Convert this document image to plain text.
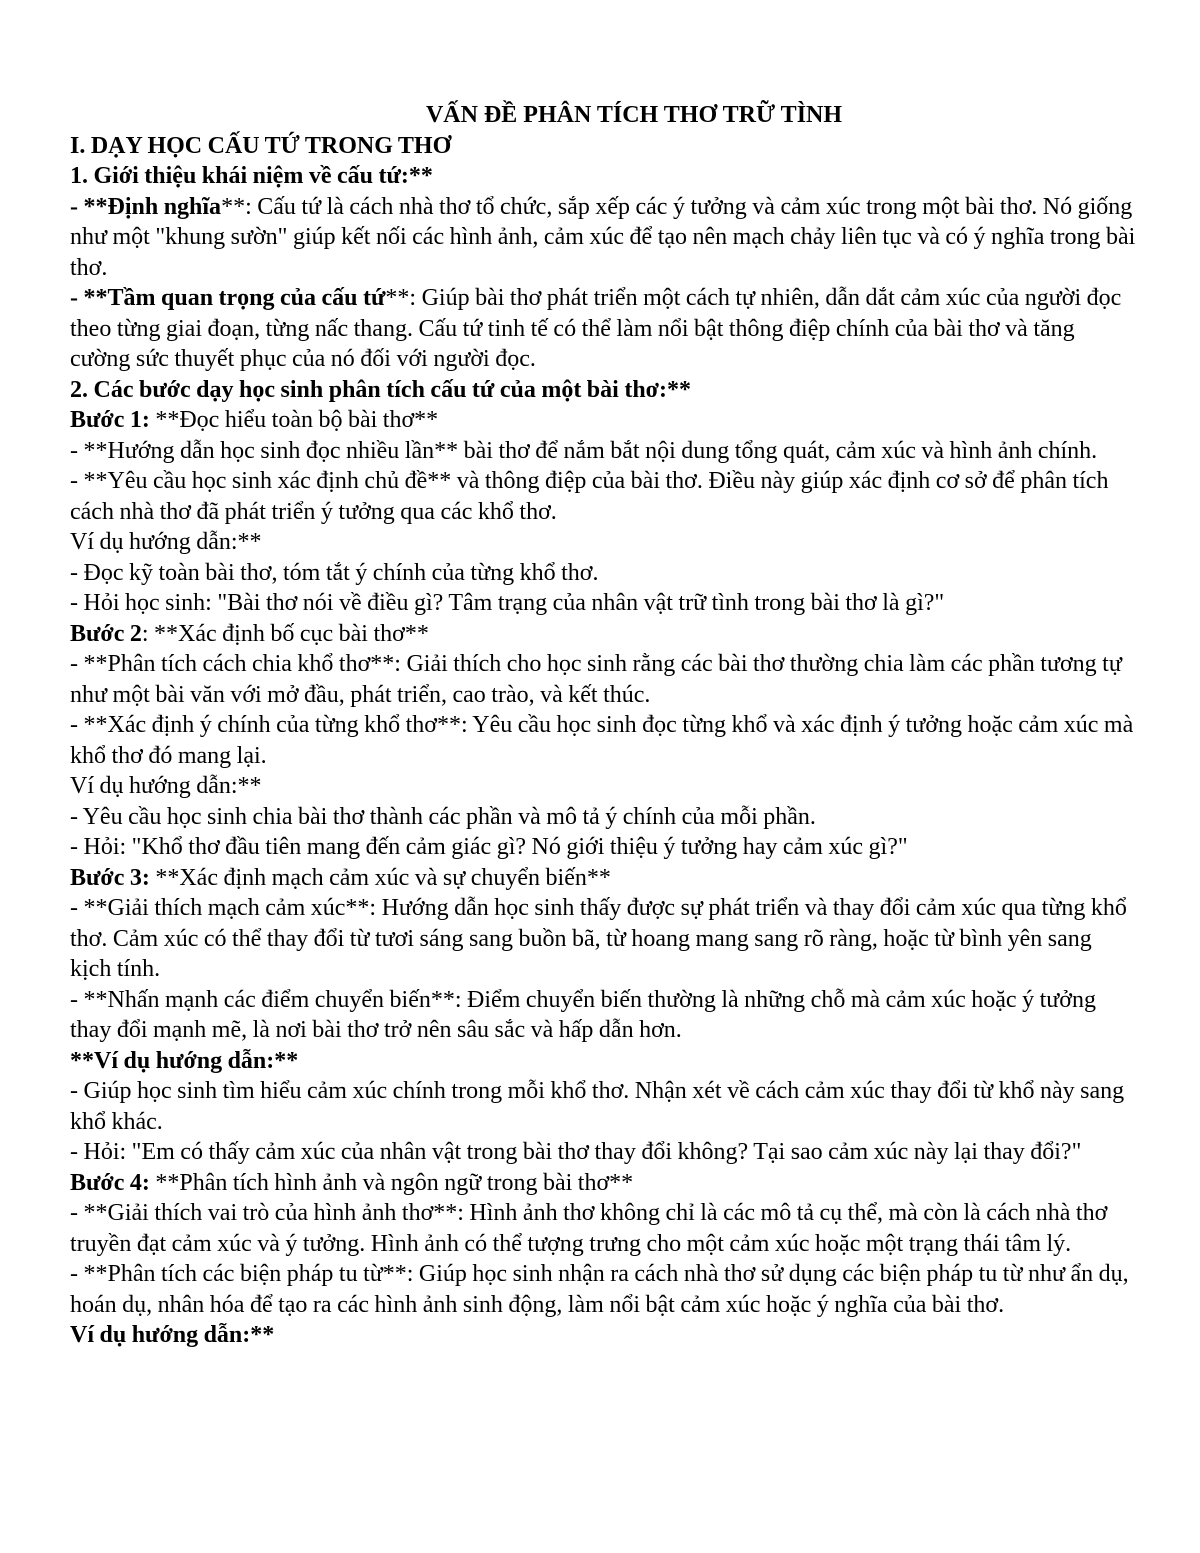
VẤN ĐỀ PHÂN TÍCH THƠ TRỮ TÌNH

I. DẠY HỌC CẤU TỨ TRONG THƠ

1. Giới thiệu khái niệm về cấu tứ:**

- **Định nghĩa**: Cấu tứ là cách nhà thơ tổ chức, sắp xếp các ý tưởng và cảm xúc trong một bài thơ. Nó giống như một "khung sườn" giúp kết nối các hình ảnh, cảm xúc để tạo nên mạch chảy liên tục và có ý nghĩa trong bài thơ.

- **Tầm quan trọng của cấu tứ**: Giúp bài thơ phát triển một cách tự nhiên, dẫn dắt cảm xúc của người đọc theo từng giai đoạn, từng nấc thang. Cấu tứ tinh tế có thể làm nổi bật thông điệp chính của bài thơ và tăng cường sức thuyết phục của nó đối với người đọc.

2. Các bước dạy học sinh phân tích cấu tứ của một bài thơ:**

Bước 1: **Đọc hiểu toàn bộ bài thơ**

- **Hướng dẫn học sinh đọc nhiều lần** bài thơ để nắm bắt nội dung tổng quát, cảm xúc và hình ảnh chính.

- **Yêu cầu học sinh xác định chủ đề** và thông điệp của bài thơ. Điều này giúp xác định cơ sở để phân tích cách nhà thơ đã phát triển ý tưởng qua các khổ thơ.

Ví dụ hướng dẫn:**

- Đọc kỹ toàn bài thơ, tóm tắt ý chính của từng khổ thơ.

- Hỏi học sinh: "Bài thơ nói về điều gì? Tâm trạng của nhân vật trữ tình trong bài thơ là gì?"

Bước 2: **Xác định bố cục bài thơ**

- **Phân tích cách chia khổ thơ**: Giải thích cho học sinh rằng các bài thơ thường chia làm các phần tương tự như một bài văn với mở đầu, phát triển, cao trào, và kết thúc.

- **Xác định ý chính của từng khổ thơ**: Yêu cầu học sinh đọc từng khổ và xác định ý tưởng hoặc cảm xúc mà khổ thơ đó mang lại.

Ví dụ hướng dẫn:**

- Yêu cầu học sinh chia bài thơ thành các phần và mô tả ý chính của mỗi phần.

- Hỏi: "Khổ thơ đầu tiên mang đến cảm giác gì? Nó giới thiệu ý tưởng hay cảm xúc gì?"

Bước 3: **Xác định mạch cảm xúc và sự chuyển biến**

- **Giải thích mạch cảm xúc**: Hướng dẫn học sinh thấy được sự phát triển và thay đổi cảm xúc qua từng khổ thơ. Cảm xúc có thể thay đổi từ tươi sáng sang buồn bã, từ hoang mang sang rõ ràng, hoặc từ bình yên sang kịch tính.

- **Nhấn mạnh các điểm chuyển biến**: Điểm chuyển biến thường là những chỗ mà cảm xúc hoặc ý tưởng thay đổi mạnh mẽ, là nơi bài thơ trở nên sâu sắc và hấp dẫn hơn.

**Ví dụ hướng dẫn:**

- Giúp học sinh tìm hiểu cảm xúc chính trong mỗi khổ thơ. Nhận xét về cách cảm xúc thay đổi từ khổ này sang khổ khác.

- Hỏi: "Em có thấy cảm xúc của nhân vật trong bài thơ thay đổi không? Tại sao cảm xúc này lại thay đổi?"

Bước 4: **Phân tích hình ảnh và ngôn ngữ trong bài thơ**

- **Giải thích vai trò của hình ảnh thơ**: Hình ảnh thơ không chỉ là các mô tả cụ thể, mà còn là cách nhà thơ truyền đạt cảm xúc và ý tưởng. Hình ảnh có thể tượng trưng cho một cảm xúc hoặc một trạng thái tâm lý.

- **Phân tích các biện pháp tu từ**: Giúp học sinh nhận ra cách nhà thơ sử dụng các biện pháp tu từ như ẩn dụ, hoán dụ, nhân hóa để tạo ra các hình ảnh sinh động, làm nổi bật cảm xúc hoặc ý nghĩa của bài thơ.

Ví dụ hướng dẫn:**
